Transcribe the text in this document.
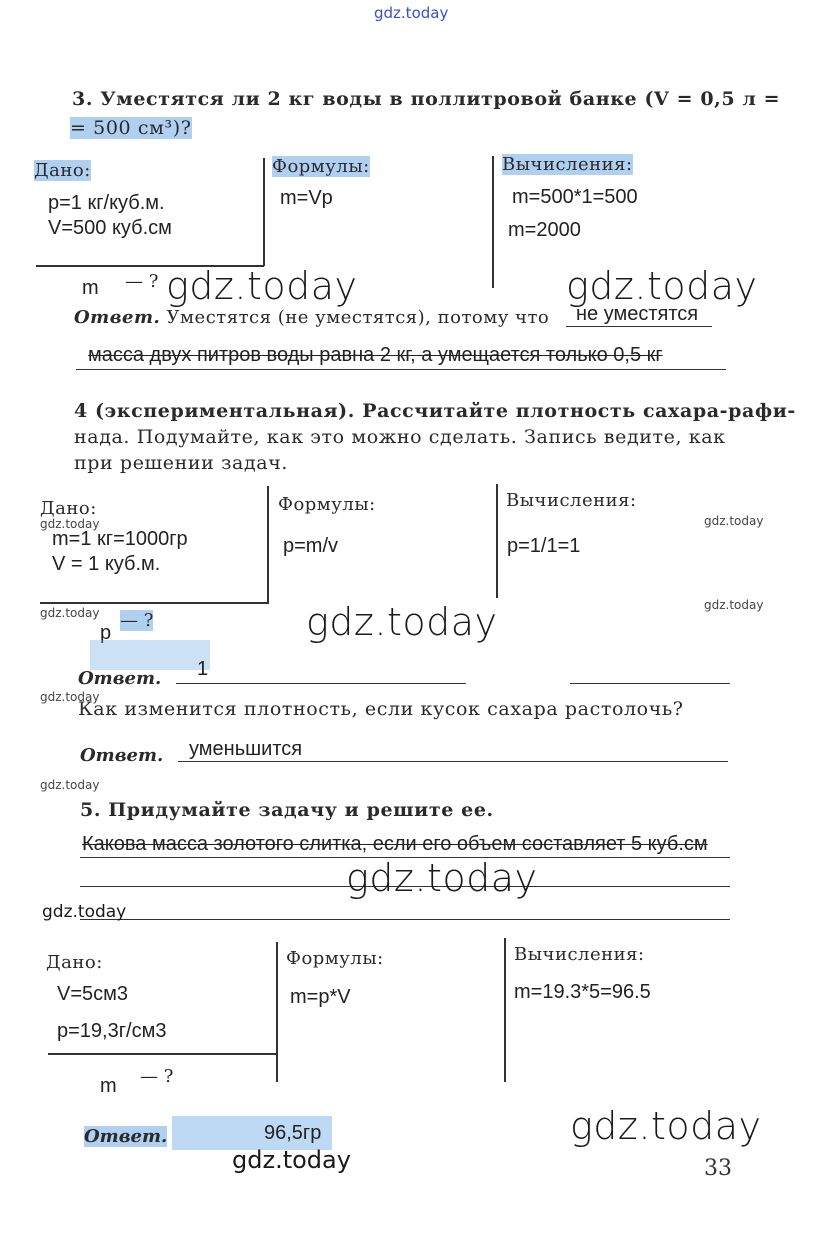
gdz.today
3. Уместятся ли 2 кг воды в поллитровой банке (V = 0,5 л =
= 500 см³)?
Дано:	Формулы:	Вычисления:
p=1 кг/куб.м.
V=500 куб.см
m=Vp	m=500*1=500
m=2000
m — ?
Ответ. Уместятся (не уместятся), потому что не уместятся
масса двух питров воды равна 2 кг, а умещается только 0,5 кг
4 (экспериментальная). Рассчитайте плотность сахара-рафи-
нада. Подумайте, как это можно сделать. Запись ведите, как
при решении задач.
Дано:	Формулы:	Вычисления:
m=1 кг=1000гр
V = 1 куб.м.
p=m/v	p=1/1=1
p
— ?
Ответ. 1
Как изменится плотность, если кусок сахара растолочь?
Ответ. уменьшится
5. Придумайте задачу и решите ее.
Какова масса золотого слитка, если его объем составляет 5 куб.см
Дано:	Формулы:	Вычисления:
V=5см3
p=19,3г/см3
m=p*V	m=19.3*5=96.5
m — ?
Ответ.	96,5гр
33
gdz.today	gdz.today
gdz.today
gdz.today
gdz.today
gdz.today
gdz.today
gdz.today	gdz.today
gdz.today
gdz.today
gdz.today
gdz.today
